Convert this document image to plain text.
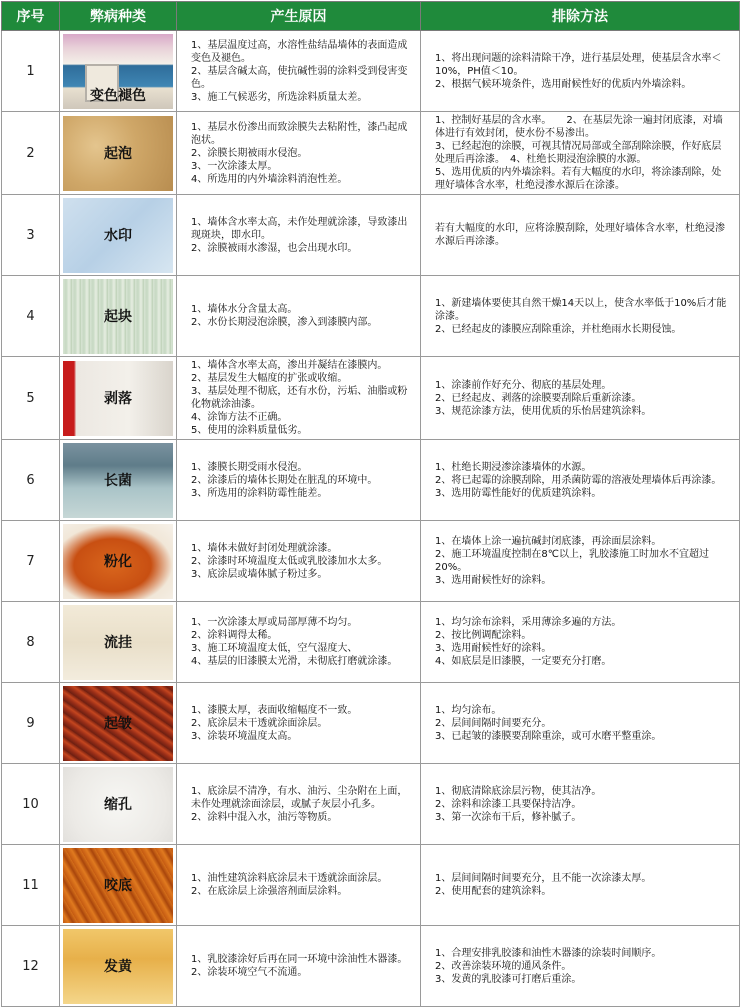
序号	弊病种类	产生原因	排除方法
1	变色褪色	1、基层温度过高，水溶性盐结晶墙体的表面造成变色及褪色。
2、基层含碱太高，使抗碱性弱的涂料受到侵害变色。
3、施工气候恶劣，所选涂料质量太差。	1、将出现问题的涂料清除干净，进行基层处理，使基层含水率＜10%，PH值＜10。
2、根据气候环境条件，选用耐候性好的优质内外墙涂料。

2	起泡	1、基层水份渗出而致涂膜失去粘附性，漆凸起成泡状。
2、涂膜长期被雨水侵泡。
3、一次涂漆太厚。
4、所选用的内外墙涂料消泡性差。	1、控制好基层的含水率。　　2、在基层先涂一遍封闭底漆，对墙体进行有效封闭，使水份不易渗出。
3、已经起泡的涂膜，可视其情况局部或全部刮除涂膜，作好底层处理后再涂漆。　4、杜绝长期浸泡涂膜的水源。
5、选用优质的内外墙涂料。若有大幅度的水印，将涂漆刮除，处理好墙体含水率，杜绝浸渗水源后在涂漆。

3	水印	1、墙体含水率太高，未作处理就涂漆，导致漆出现斑块，即水印。
2、涂膜被雨水渗湿，也会出现水印。	若有大幅度的水印，应将涂膜刮除，处理好墙体含水率，杜绝浸渗水源后再涂漆。

4	起块	1、墙体水分含量太高。
2、水份长期浸泡涂膜，渗入到漆膜内部。	1、新建墙体要使其自然干燥14天以上，使含水率低于10%后才能涂漆。
2、已经起皮的漆膜应刮除重涂，并杜绝雨水长期侵蚀。

5	剥落	1、墙体含水率太高，渗出并凝结在漆膜内。
2、基层发生大幅度的扩张或收缩。
3、基层处理不彻底，还有水份，污垢、油脂或粉化物就涂油漆。
4、涂饰方法不正确。
5、使用的涂料质量低劣。	1、涂漆前作好充分、彻底的基层处理。
2、已经起皮、剥落的涂膜要刮除后重新涂漆。
3、规范涂漆方法，使用优质的乐怡居建筑涂料。

6	长菌	1、漆膜长期受雨水侵泡。
2、涂漆后的墙体长期处在脏乱的环境中。
3、所选用的涂料防霉性能差。	1、杜绝长期浸渗涂漆墙体的水源。
2、将已起霉的涂膜刮除，用杀菌防霉的溶液处理墙体后再涂漆。
3、选用防霉性能好的优质建筑涂料。

7	粉化	1、墙体未做好封闭处理就涂漆。
2、涂漆时环境温度太低或乳胶漆加水太多。
3、底涂层或墙体腻子粉过多。	1、在墙体上涂一遍抗碱封闭底漆，再涂面层涂料。
2、施工环境温度控制在8℃以上，乳胶漆施工时加水不宜超过20%。
3、选用耐候性好的涂料。

8	流挂	1、一次涂漆太厚或局部厚薄不均匀。
2、涂料调得太稀。
3、施工环境温度太低，空气湿度大、
4、基层的旧漆膜太光滑，未彻底打磨就涂漆。	1、均匀涂布涂料，采用薄涂多遍的方法。
2、按比例调配涂料。
3、选用耐候性好的涂料。
4、如底层是旧漆膜，一定要充分打磨。

9	起皱	1、漆膜太厚，表面收缩幅度不一致。
2、底涂层未干透就涂面涂层。
3、涂装环境温度太高。	1、均匀涂布。
2、层间间隔时间要充分。
3、已起皱的漆膜要刮除重涂，或可水磨平整重涂。

10	缩孔	1、底涂层不清净，有水、油污、尘杂附在上面，未作处理就涂面涂层，或腻子灰层小孔多。
2、涂料中混入水，油污等物质。	1、彻底清除底涂层污物，使其洁净。
2、涂料和涂漆工具要保持洁净。
3、第一次涂布干后，修补腻子。

11	咬底	1、油性建筑涂料底涂层未干透就涂面涂层。
2、在底涂层上涂强溶剂面层涂料。	1、层间间隔时间要充分，且不能一次涂漆太厚。
2、使用配套的建筑涂料。

12	发黄	1、乳胶漆涂好后再在同一环境中涂油性木器漆。
2、涂装环境空气不流通。	1、合理安排乳胶漆和油性木器漆的涂装时间顺序。
2、改善涂装环境的通风条件。
3、发黄的乳胶漆可打磨后重涂。
